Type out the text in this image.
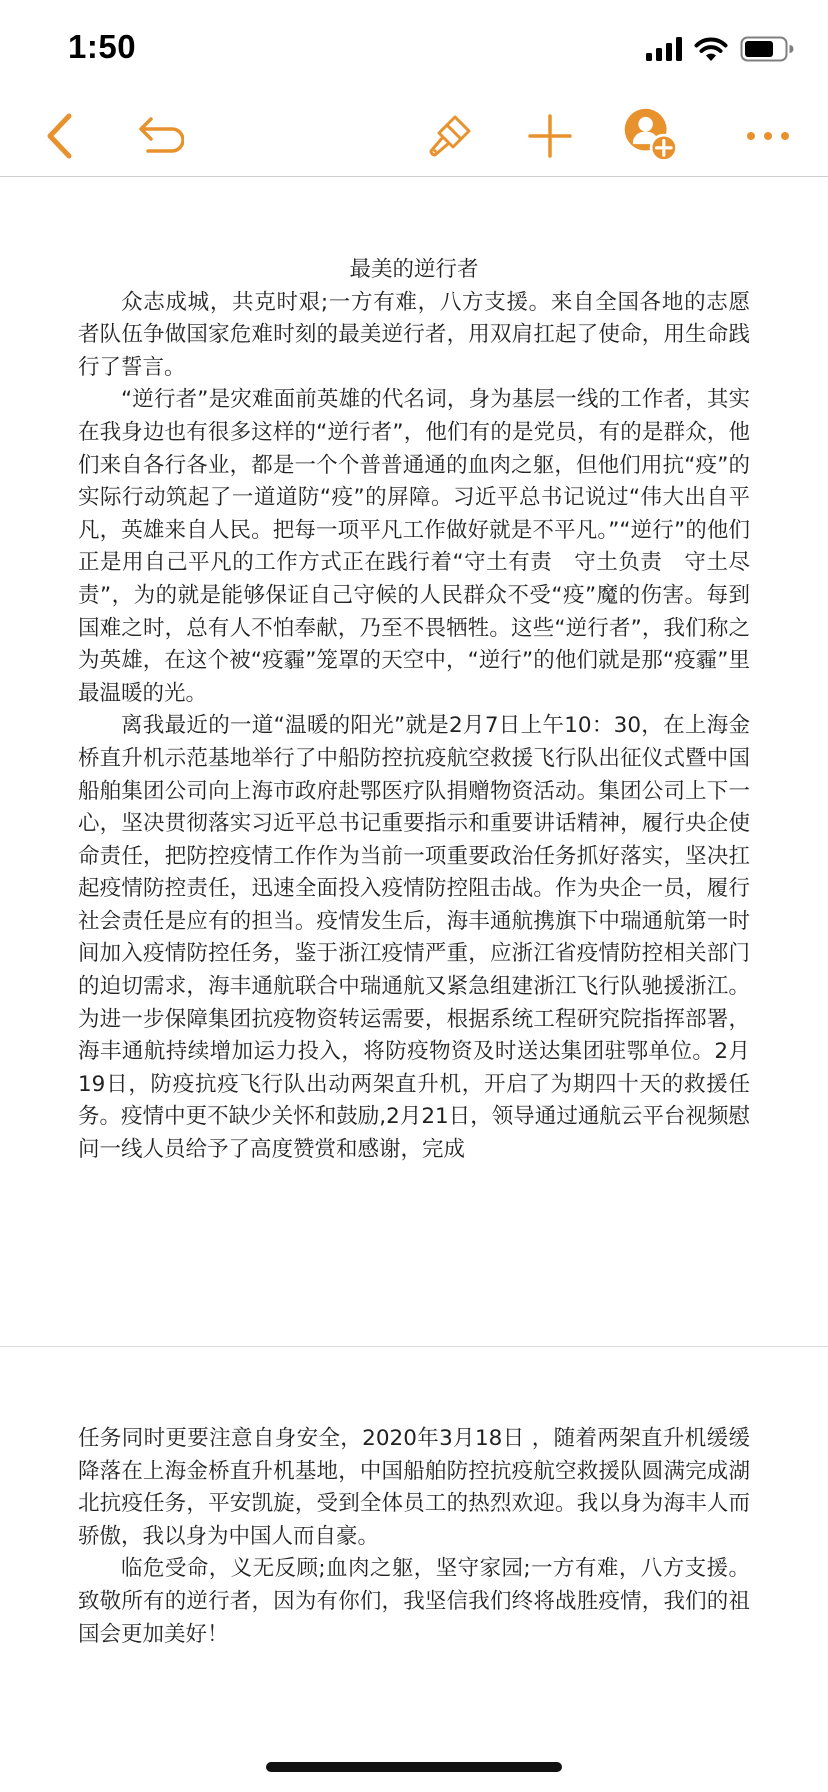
1:50

最美的逆行者

众志成城，共克时艰;一方有难，八方支援。来自全国各地的志愿者队伍争做国家危难时刻的最美逆行者，用双肩扛起了使命，用生命践行了誓言。

“逆行者”是灾难面前英雄的代名词，身为基层一线的工作者，其实在我身边也有很多这样的“逆行者”，他们有的是党员，有的是群众，他们来自各行各业，都是一个个普普通通的血肉之躯，但他们用抗“疫”的实际行动筑起了一道道防“疫”的屏障。习近平总书记说过“伟大出自平凡，英雄来自人民。把每一项平凡工作做好就是不平凡。”“逆行”的他们正是用自己平凡的工作方式正在践行着“守土有责　守土负责　守土尽责”，为的就是能够保证自己守候的人民群众不受“疫”魔的伤害。每到国难之时，总有人不怕奉献，乃至不畏牺牲。这些“逆行者”，我们称之为英雄，在这个被“疫霾”笼罩的天空中，“逆行”的他们就是那“疫霾”里最温暖的光。

离我最近的一道“温暖的阳光”就是2月7日上午10：30，在上海金桥直升机示范基地举行了中船防控抗疫航空救援飞行队出征仪式暨中国船舶集团公司向上海市政府赴鄂医疗队捐赠物资活动。集团公司上下一心，坚决贯彻落实习近平总书记重要指示和重要讲话精神，履行央企使命责任，把防控疫情工作作为当前一项重要政治任务抓好落实，坚决扛起疫情防控责任，迅速全面投入疫情防控阻击战。作为央企一员，履行社会责任是应有的担当。疫情发生后，海丰通航携旗下中瑞通航第一时间加入疫情防控任务，鉴于浙江疫情严重，应浙江省疫情防控相关部门的迫切需求，海丰通航联合中瑞通航又紧急组建浙江飞行队驰援浙江。为进一步保障集团抗疫物资转运需要，根据系统工程研究院指挥部署，海丰通航持续增加运力投入，将防疫物资及时送达集团驻鄂单位。2月19日，防疫抗疫飞行队出动两架直升机，开启了为期四十天的救援任务。疫情中更不缺少关怀和鼓励,2月21日，领导通过通航云平台视频慰问一线人员给予了高度赞赏和感谢，完成

任务同时更要注意自身安全，2020年3月18日 ，随着两架直升机缓缓降落在上海金桥直升机基地，中国船舶防控抗疫航空救援队圆满完成湖北抗疫任务，平安凯旋，受到全体员工的热烈欢迎。我以身为海丰人而骄傲，我以身为中国人而自豪。

临危受命，义无反顾;血肉之躯，坚守家园;一方有难，八方支援。致敬所有的逆行者，因为有你们，我坚信我们终将战胜疫情，我们的祖国会更加美好！
